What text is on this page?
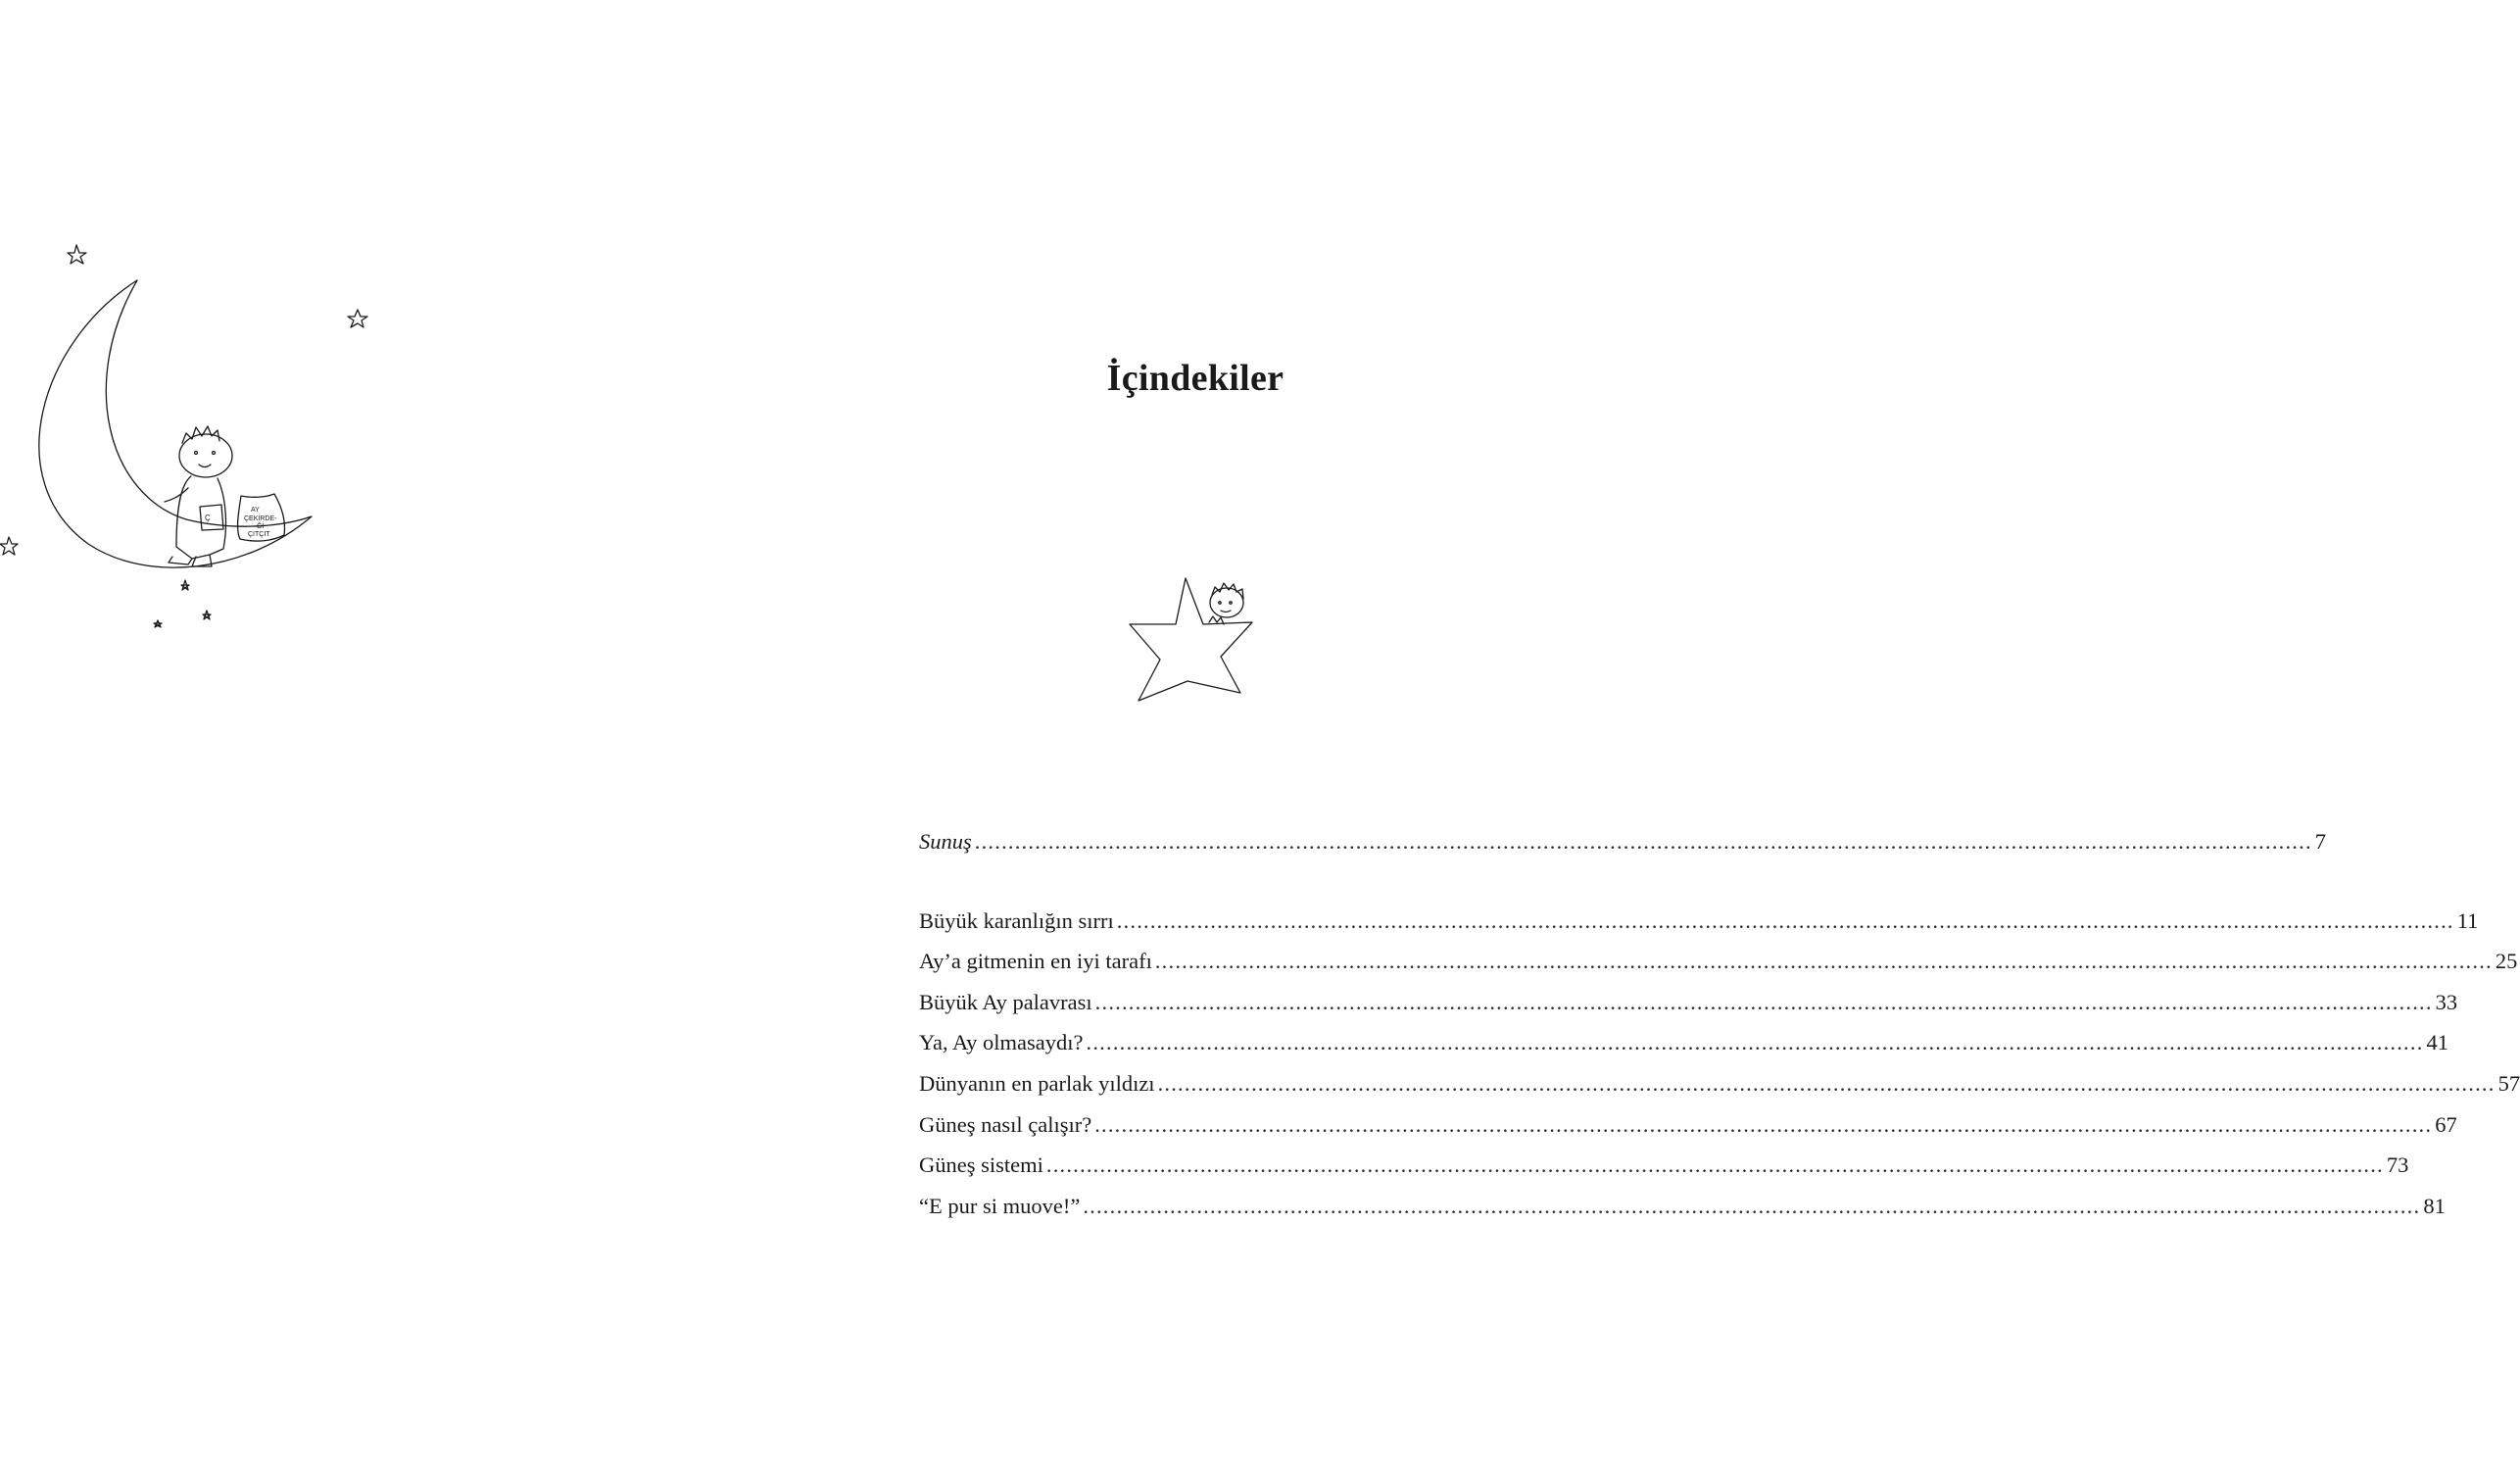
Ç
AY
ÇEKİRDE-
Ğİ
ÇITÇIT
İçindekiler
Sunuş ........................................................................................................................................................................................................ 7
Büyük karanlığın sırrı ........................................................................................................................................................................................................ 11
Ay’a gitmenin en iyi tarafı ........................................................................................................................................................................................................ 25
Büyük Ay palavrası ........................................................................................................................................................................................................ 33
Ya, Ay olmasaydı? ........................................................................................................................................................................................................ 41
Dünyanın en parlak yıldızı ........................................................................................................................................................................................................ 57
Güneş nasıl çalışır? ........................................................................................................................................................................................................ 67
Güneş sistemi ........................................................................................................................................................................................................ 73
“E pur si muove!” ........................................................................................................................................................................................................ 81
